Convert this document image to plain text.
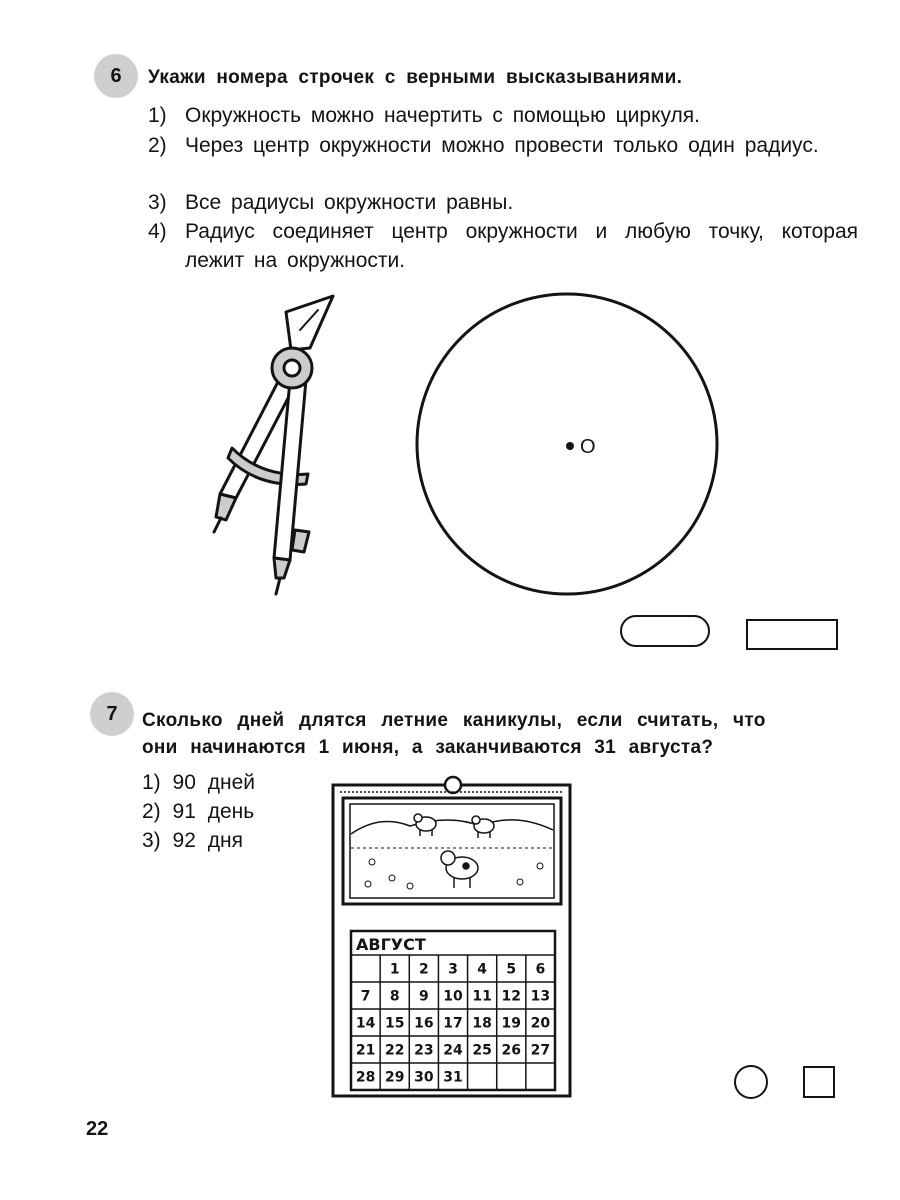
6 Укажи номера строчек с верными высказываниями.
1) Окружность можно начертить с помощью циркуля.
2) Через центр окружности можно провести только один радиус.
3) Все радиусы окружности равны.
4) Радиус соединяет центр окружности и любую точку, которая лежит на окружности.
O
7 Сколько дней длятся летние каникулы, если считать, что
они начинаются 1 июня, а заканчиваются 31 августа?
1) 90 дней
2) 91 день
3) 92 дня
АВГУСТ
1 2 3 4 5 6
7 8 9 10 11 12 13
14 15 16 17 18 19 20
21 22 23 24 25 26 27
28 29 30 31
22
